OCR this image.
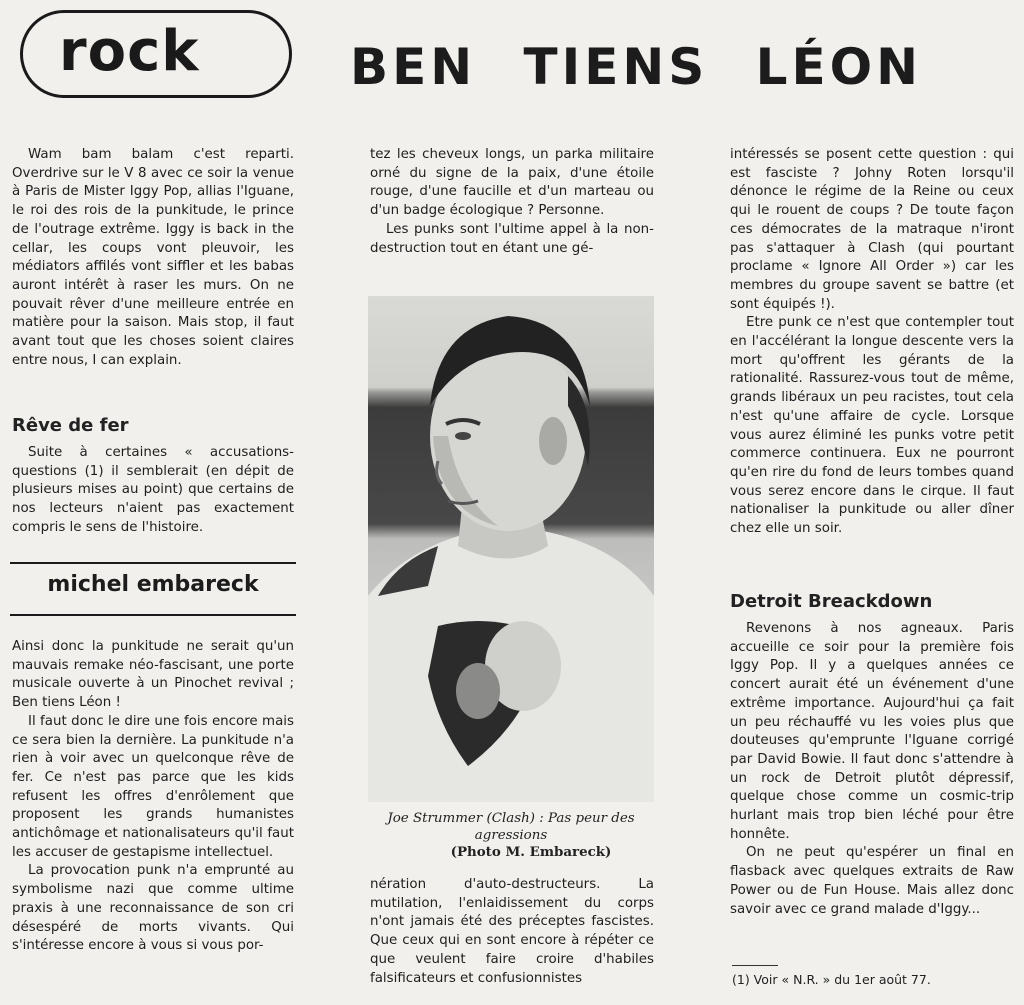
rock	BEN TIENS LÉON

Wam bam balam c'est reparti. Overdrive sur le V 8 avec ce soir la venue à Paris de Mister Iggy Pop, allias l'Iguane, le roi des rois de la punkitude, le prince de l'outrage extrême. Iggy is back in the cellar, les coups vont pleuvoir, les médiators affilés vont siffler et les babas auront intérêt à raser les murs. On ne pouvait rêver d'une meilleure entrée en matière pour la saison. Mais stop, il faut avant tout que les choses soient claires entre nous, I can explain.

Rêve de fer

Suite à certaines « accusations-questions (1) il semblerait (en dépit de plusieurs mises au point) que certains de nos lecteurs n'aient pas exactement compris le sens de l'histoire.

michel embareck

Ainsi donc la punkitude ne serait qu'un mauvais remake néo-fascisant, une porte musicale ouverte à un Pinochet revival ; Ben tiens Léon !

Il faut donc le dire une fois encore mais ce sera bien la dernière. La punkitude n'a rien à voir avec un quelconque rêve de fer. Ce n'est pas parce que les kids refusent les offres d'enrôlement que proposent les grands humanistes antichômage et nationalisateurs qu'il faut les accuser de gestapisme intellectuel.

La provocation punk n'a emprunté au symbolisme nazi que comme ultime praxis à une reconnaissance de son cri désespéré de morts vivants. Qui s'intéresse encore à vous si vous por-

tez les cheveux longs, un parka militaire orné du signe de la paix, d'une étoile rouge, d'une faucille et d'un marteau ou d'un badge écologique ? Personne.

Les punks sont l'ultime appel à la non-destruction tout en étant une gé-

Joe Strummer (Clash) : Pas peur des agressions
(Photo M. Embareck)

nération d'auto-destructeurs. La mutilation, l'enlaidissement du corps n'ont jamais été des préceptes fascistes. Que ceux qui en sont encore à répéter ce que veulent faire croire d'habiles falsificateurs et confusionnistes

intéressés se posent cette question : qui est fasciste ? Johny Roten lorsqu'il dénonce le régime de la Reine ou ceux qui le rouent de coups ? De toute façon ces démocrates de la matraque n'iront pas s'attaquer à Clash (qui pourtant proclame « Ignore All Order ») car les membres du groupe savent se battre (et sont équipés !).

Etre punk ce n'est que contempler tout en l'accélérant la longue descente vers la mort qu'offrent les gérants de la rationalité. Rassurez-vous tout de même, grands libéraux un peu racistes, tout cela n'est qu'une affaire de cycle. Lorsque vous aurez éliminé les punks votre petit commerce continuera. Eux ne pourront qu'en rire du fond de leurs tombes quand vous serez encore dans le cirque. Il faut nationaliser la punkitude ou aller dîner chez elle un soir.

Detroit Breackdown

Revenons à nos agneaux. Paris accueille ce soir pour la première fois Iggy Pop. Il y a quelques années ce concert aurait été un événement d'une extrême importance. Aujourd'hui ça fait un peu réchauffé vu les voies plus que douteuses qu'emprunte l'Iguane corrigé par David Bowie. Il faut donc s'attendre à un rock de Detroit plutôt dépressif, quelque chose comme un cosmic-trip hurlant mais trop bien léché pour être honnête.

On ne peut qu'espérer un final en flasback avec quelques extraits de Raw Power ou de Fun House. Mais allez donc savoir avec ce grand malade d'Iggy...

(1) Voir « N.R. » du 1er août 77.
